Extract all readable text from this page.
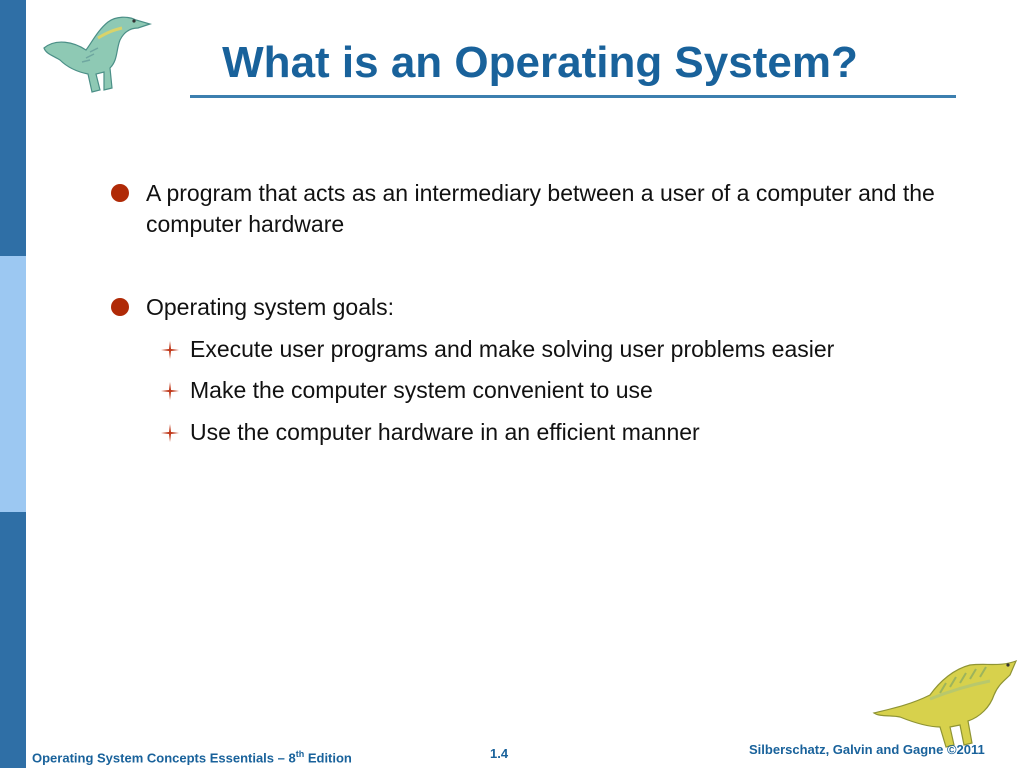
What is an Operating System?
A program that acts as an intermediary between a user of a computer and the computer hardware
Operating system goals:
Execute user programs and make solving user problems easier
Make the computer system convenient to use
Use the computer hardware in an efficient manner
Operating System Concepts Essentials – 8th Edition	1.4	Silberschatz, Galvin and Gagne ©2011
